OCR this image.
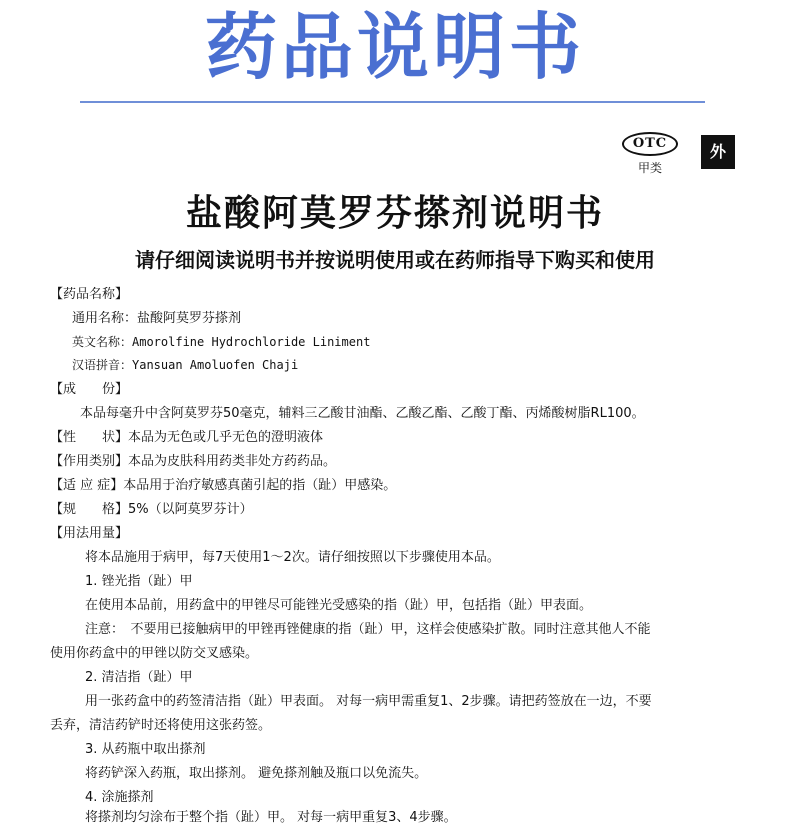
药品说明书
OTC
甲类
外
盐酸阿莫罗芬搽剂说明书
请仔细阅读说明书并按说明使用或在药师指导下购买和使用
【药品名称】
通用名称：盐酸阿莫罗芬搽剂
英文名称：Amorolfine Hydrochloride Liniment
汉语拼音：Yansuan Amoluofen Chaji
【成　　份】
本品每毫升中含阿莫罗芬50毫克，辅料三乙酸甘油酯、乙酸乙酯、乙酸丁酯、丙烯酸树脂RL100。
【性　　状】本品为无色或几乎无色的澄明液体
【作用类别】本品为皮肤科用药类非处方药药品。
【适 应 症】本品用于治疗敏感真菌引起的指（趾）甲感染。
【规　　格】5%（以阿莫罗芬计）
【用法用量】
将本品施用于病甲，每7天使用1～2次。请仔细按照以下步骤使用本品。
1. 锉光指（趾）甲
在使用本品前，用药盒中的甲锉尽可能锉光受感染的指（趾）甲，包括指（趾）甲表面。
注意：　不要用已接触病甲的甲锉再锉健康的指（趾）甲，这样会使感染扩散。同时注意其他人不能
使用你药盒中的甲锉以防交叉感染。
2. 清洁指（趾）甲
用一张药盒中的药签清洁指（趾）甲表面。 对每一病甲需重复1、2步骤。请把药签放在一边，不要
丢弃，清洁药铲时还将使用这张药签。
3. 从药瓶中取出搽剂
将药铲深入药瓶，取出搽剂。 避免搽剂触及瓶口以免流失。
4. 涂施搽剂
将搽剂均匀涂布于整个指（趾）甲。 对每一病甲重复3、4步骤。
